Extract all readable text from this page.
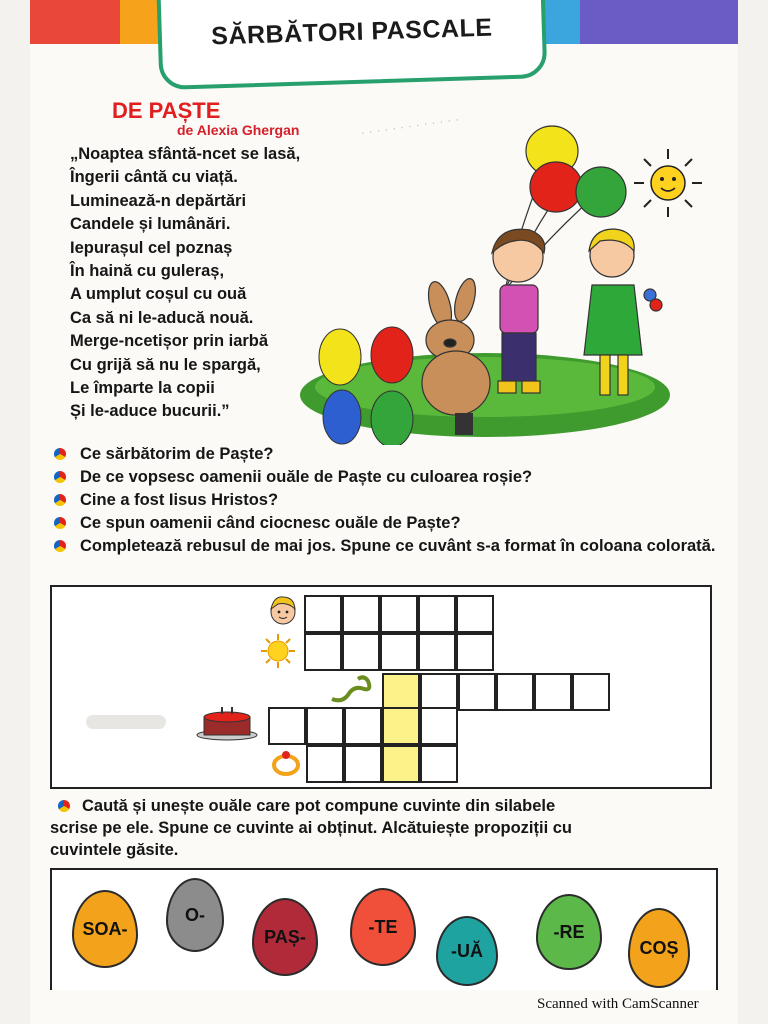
SĂRBĂTORI PASCALE
· · · · · · · · · · · · ·
DE PAȘTE
de Alexia Ghergan
„Noaptea sfântă-ncet se lasă,
Îngerii cântă cu viață.
Luminează-n depărtări
Candele și lumânări.
Iepurașul cel poznaș
În haină cu guleraș,
A umplut coșul cu ouă
Ca să ni le-aducă nouă.
Merge-ncetișor prin iarbă
Cu grijă să nu le spargă,
Le împarte la copii
Și le-aduce bucurii.”
Ce sărbătorim de Paște?
De ce vopsesc oamenii ouăle de Paște cu culoarea roșie?
Cine a fost Iisus Hristos?
Ce spun oamenii când ciocnesc ouăle de Paște?
Completează rebusul de mai jos. Spune ce cuvânt s-a format în coloana colorată.
Caută și unește ouăle care pot compune cuvinte din silabele
scrise pe ele. Spune ce cuvinte ai obținut. Alcătuiește propoziții cu
cuvintele găsite.
SOA-
O-
PAȘ-	-TE
-UĂ
-RE
COȘ
Scanned with CamScanner
